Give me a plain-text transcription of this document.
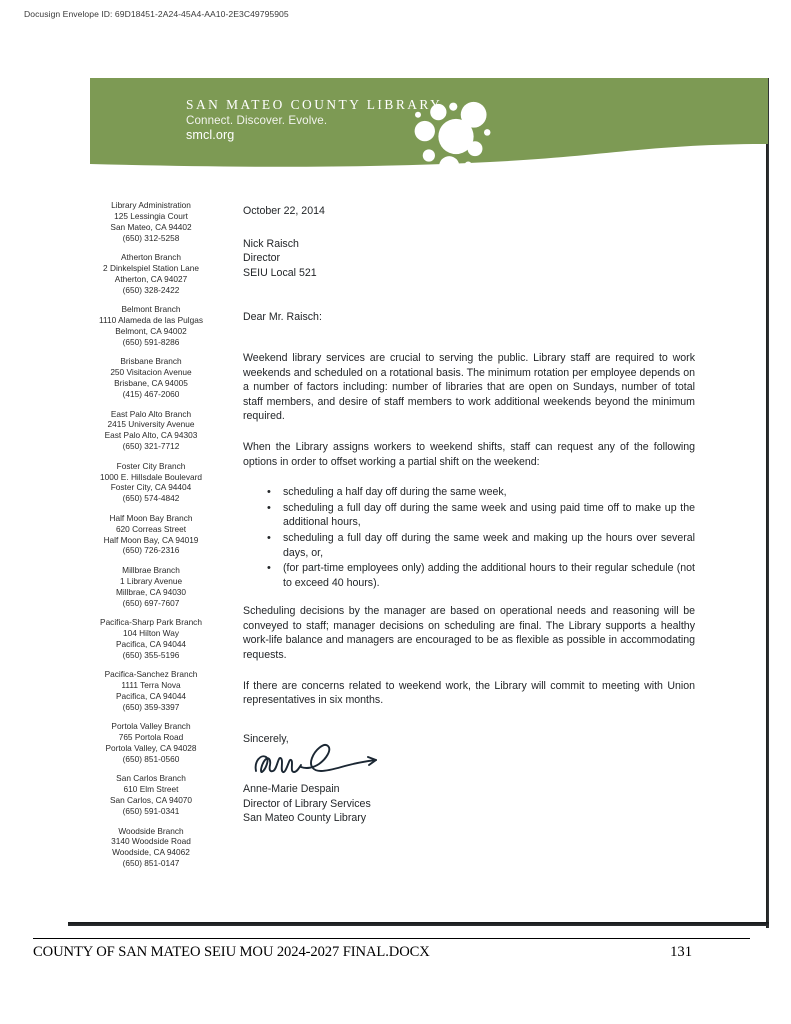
Docusign Envelope ID: 69D18451-2A24-45A4-AA10-2E3C49795905
SAN MATEO COUNTY LIBRARY
Connect. Discover. Evolve.
smcl.org
Library Administration
125 Lessingia Court
San Mateo, CA 94402
(650) 312-5258
Atherton Branch
2 Dinkelspiel Station Lane
Atherton, CA 94027
(650) 328-2422
Belmont Branch
1110 Alameda de las Pulgas
Belmont, CA 94002
(650) 591-8286
Brisbane Branch
250 Visitacion Avenue
Brisbane, CA 94005
(415) 467-2060
East Palo Alto Branch
2415 University Avenue
East Palo Alto, CA 94303
(650) 321-7712
Foster City Branch
1000 E. Hillsdale Boulevard
Foster City, CA 94404
(650) 574-4842
Half Moon Bay Branch
620 Correas Street
Half Moon Bay, CA 94019
(650) 726-2316
Millbrae Branch
1 Library Avenue
Millbrae, CA 94030
(650) 697-7607
Pacifica-Sharp Park Branch
104 Hilton Way
Pacifica, CA 94044
(650) 355-5196
Pacifica-Sanchez Branch
1111 Terra Nova
Pacifica, CA 94044
(650) 359-3397
Portola Valley Branch
765 Portola Road
Portola Valley, CA 94028
(650) 851-0560
San Carlos Branch
610 Elm Street
San Carlos, CA 94070
(650) 591-0341
Woodside Branch
3140 Woodside Road
Woodside, CA 94062
(650) 851-0147
October 22, 2014
Nick Raisch
Director
SEIU Local 521
Dear Mr. Raisch:

Weekend library services are crucial to serving the public. Library staff are required to work weekends and scheduled on a rotational basis. The minimum rotation per employee depends on a number of factors including: number of libraries that are open on Sundays, number of total staff members, and desire of staff members to work additional weekends beyond the minimum required.

When the Library assigns workers to weekend shifts, staff can request any of the following options in order to offset working a partial shift on the weekend:

• scheduling a half day off during the same week,
• scheduling a full day off during the same week and using paid time off to make up the additional hours,
• scheduling a full day off during the same week and making up the hours over several days, or,
• (for part-time employees only) adding the additional hours to their regular schedule (not to exceed 40 hours).

Scheduling decisions by the manager are based on operational needs and reasoning will be conveyed to staff; manager decisions on scheduling are final. The Library supports a healthy work-life balance and managers are encouraged to be as flexible as possible in accommodating requests.

If there are concerns related to weekend work, the Library will commit to meeting with Union representatives in six months.

Sincerely,
Anne-Marie Despain
Director of Library Services
San Mateo County Library
COUNTY OF SAN MATEO SEIU MOU 2024-2027 FINAL.DOCX	131
